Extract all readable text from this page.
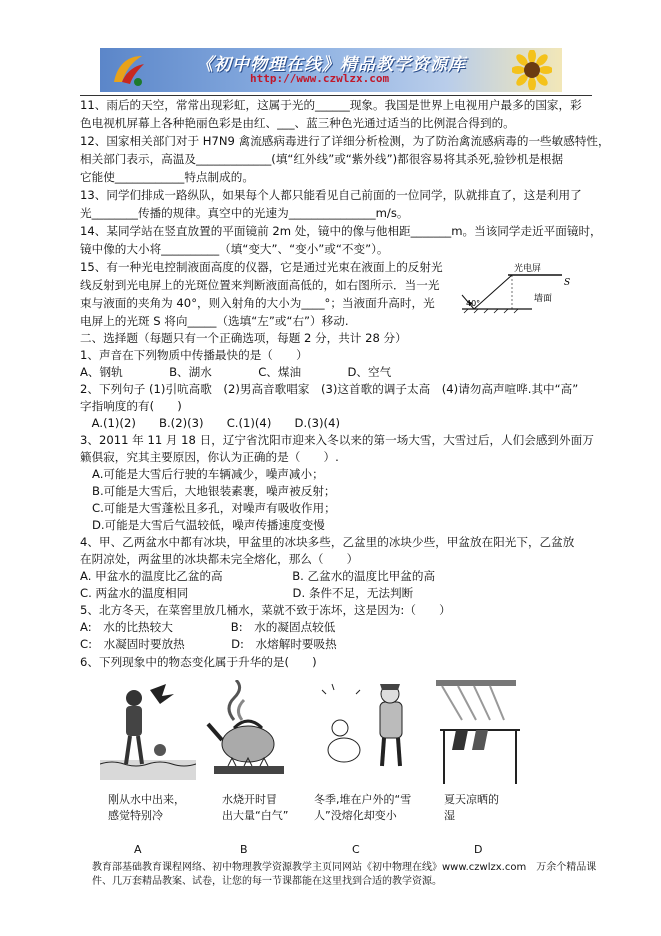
《初中物理在线》精品教学资源库
http://www.czwlzx.com
11、雨后的天空，常常出现彩虹，这属于光的______现象。我国是世界上电视用户最多的国家，彩
色电视机屏幕上各种艳丽色彩是由红、___、蓝三种色光通过适当的比例混合得到的。
12、国家相关部门对于 H7N9 禽流感病毒进行了详细分析检测，为了防治禽流感病毒的一些敏感特性，
相关部门表示，高温及_____________(填“红外线”或“紫外线”)都很容易将其杀死,验钞机是根据
它能使____________特点制成的。
13、同学们排成一路纵队，如果每个人都只能看见自己前面的一位同学，队就排直了，这是利用了
光________传播的规律。真空中的光速为_______________m/s。
14、某同学站在竖直放置的平面镜前 2m 处，镜中的像与他相距_______m。当该同学走近平面镜时，
镜中像的大小将__________（填“变大”、“变小”或“不变”）。
15、有一种光电控制液面高度的仪器，它是通过光束在液面上的反射光
线反射到光电屏上的光斑位置来判断液面高低的，如右图所示．当一光
束与液面的夹角为 40°，则入射角的大小为____°；当液面升高时，光
电屏上的光斑 S 将向_____（选填“左”或“右”）移动.
二、选择题（每题只有一个正确选项，每题 2 分，共计 28 分）
1、声音在下列物质中传播最快的是（　　）
A、钢轨　　　　B、湖水　　　　C、煤油　　　　D、空气
2、下列句子 (1)引吭高歌　(2)男高音歌唱家　(3)这首歌的调子太高　(4)请勿高声喧哗.其中“高”
字指响度的有(　　)
　A.(1)(2)　　B.(2)(3)　　C.(1)(4)　　D.(3)(4)
3、2011 年 11 月 18 日，辽宁省沈阳市迎来入冬以来的第一场大雪，大雪过后，人们会感到外面万
籁俱寂，究其主要原因，你认为正确的是（　　）.
A.可能是大雪后行驶的车辆减少，噪声减小；
B.可能是大雪后，大地银装素裹，噪声被反射；
C.可能是大雪蓬松且多孔，对噪声有吸收作用；
D.可能是大雪后气温较低，噪声传播速度变慢
4、甲、乙两盆水中都有冰块，甲盆里的冰块多些，乙盆里的冰块少些，甲盆放在阳光下，乙盆放
在阴凉处，两盆里的冰块都未完全熔化，那么（　　）
A. 甲盆水的温度比乙盆的高　　　　　　B. 乙盆水的温度比甲盆的高
C. 两盆水的温度相同　　　　　　　　　D. 条件不足，无法判断
5、北方冬天，在菜窖里放几桶水，菜就不致于冻坏，这是因为:（　　）
A:　水的比热较大　　　　　B:　水的凝固点较低
C:　水凝固时要放热　　　　D:　水熔解时要吸热
6、下列现象中的物态变化属于升华的是(　　)
光电屏
S
40°	墙面
刚从水中出来，
感觉特别冷
水烧开时冒
出大量“白气”
冬季,堆在户外的“雪
人”没熔化却变小
夏天凉晒的
湿
A	B	C	D
教育部基础教育课程网络、初中物理教学资源教学主页同网站《初中物理在线》www.czwlzx.com　万余个精品课
件、几万套精品教案、试卷，让您的每一节课都能在这里找到合适的教学资源。
